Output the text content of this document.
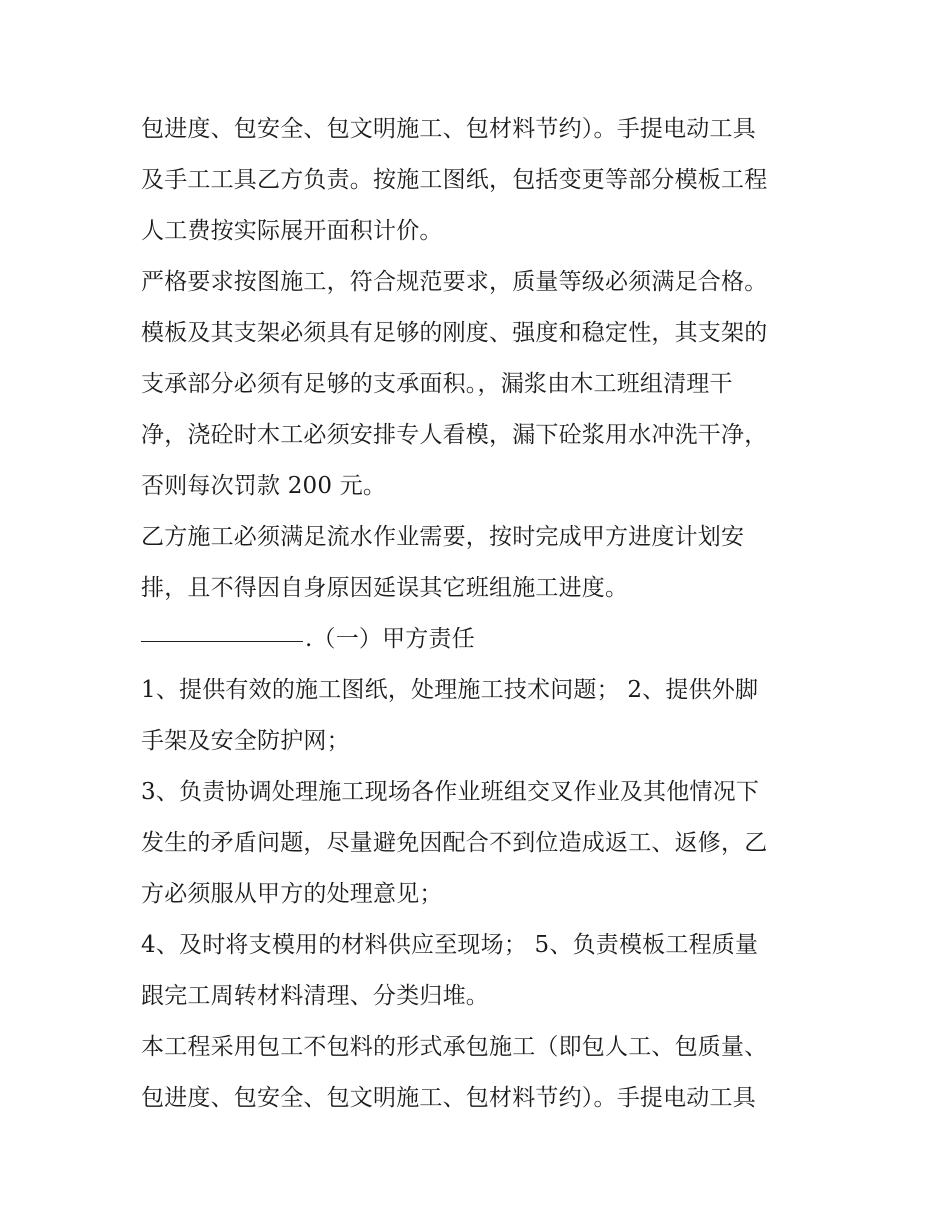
包进度、包安全、包文明施工、包材料节约）。手提电动工具
及手工工具乙方负责。按施工图纸，包括变更等部分模板工程
人工费按实际展开面积计价。
严格要求按图施工，符合规范要求，质量等级必须满足合格。
模板及其支架必须具有足够的刚度、强度和稳定性，其支架的
支承部分必须有足够的支承面积。，漏浆由木工班组清理干
净，浇砼时木工必须安排专人看模，漏下砼浆用水冲洗干净，
否则每次罚款 200 元。
乙方施工必须满足流水作业需要，按时完成甲方进度计划安
排，且不得因自身原因延误其它班组施工进度。
.（一）甲方责任
1、提供有效的施工图纸，处理施工技术问题； 2、提供外脚
手架及安全防护网；
3、负责协调处理施工现场各作业班组交叉作业及其他情况下
发生的矛盾问题，尽量避免因配合不到位造成返工、返修，乙
方必须服从甲方的处理意见；
4、及时将支模用的材料供应至现场； 5、负责模板工程质量
跟完工周转材料清理、分类归堆。
本工程采用包工不包料的形式承包施工（即包人工、包质量、
包进度、包安全、包文明施工、包材料节约）。手提电动工具
